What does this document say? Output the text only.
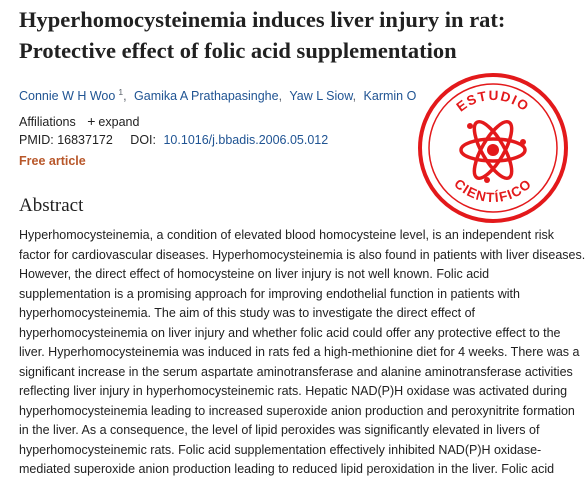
Hyperhomocysteinemia induces liver injury in rat:
Protective effect of folic acid supplementation
Connie W H Woo $^1$, Gamika A Prathapasinghe, Yaw L Siow, Karmin O
Affiliations + expand
PMID: 16837172 DOI: 10.1016/j.bbadis.2006.05.012
Free article
Abstract
Hyperhomocysteinemia, a condition of elevated blood homocysteine level, is an independent risk
factor for cardiovascular diseases. Hyperhomocysteinemia is also found in patients with liver diseases.
However, the direct effect of homocysteine on liver injury is not well known. Folic acid
supplementation is a promising approach for improving endothelial function in patients with
hyperhomocysteinemia. The aim of this study was to investigate the direct effect of
hyperhomocysteinemia on liver injury and whether folic acid could offer any protective effect to the
liver. Hyperhomocysteinemia was induced in rats fed a high-methionine diet for 4 weeks. There was a
significant increase in the serum aspartate aminotransferase and alanine aminotransferase activities
reflecting liver injury in hyperhomocysteinemic rats. Hepatic NAD(P)H oxidase was activated during
hyperhomocysteinemia leading to increased superoxide anion production and peroxynitrite formation
in the liver. As a consequence, the level of lipid peroxides was significantly elevated in livers of
hyperhomocysteinemic rats. Folic acid supplementation effectively inhibited NAD(P)H oxidase-
mediated superoxide anion production leading to reduced lipid peroxidation in the liver. Folic acid
ESTUDIO
CIENTÍFICO
